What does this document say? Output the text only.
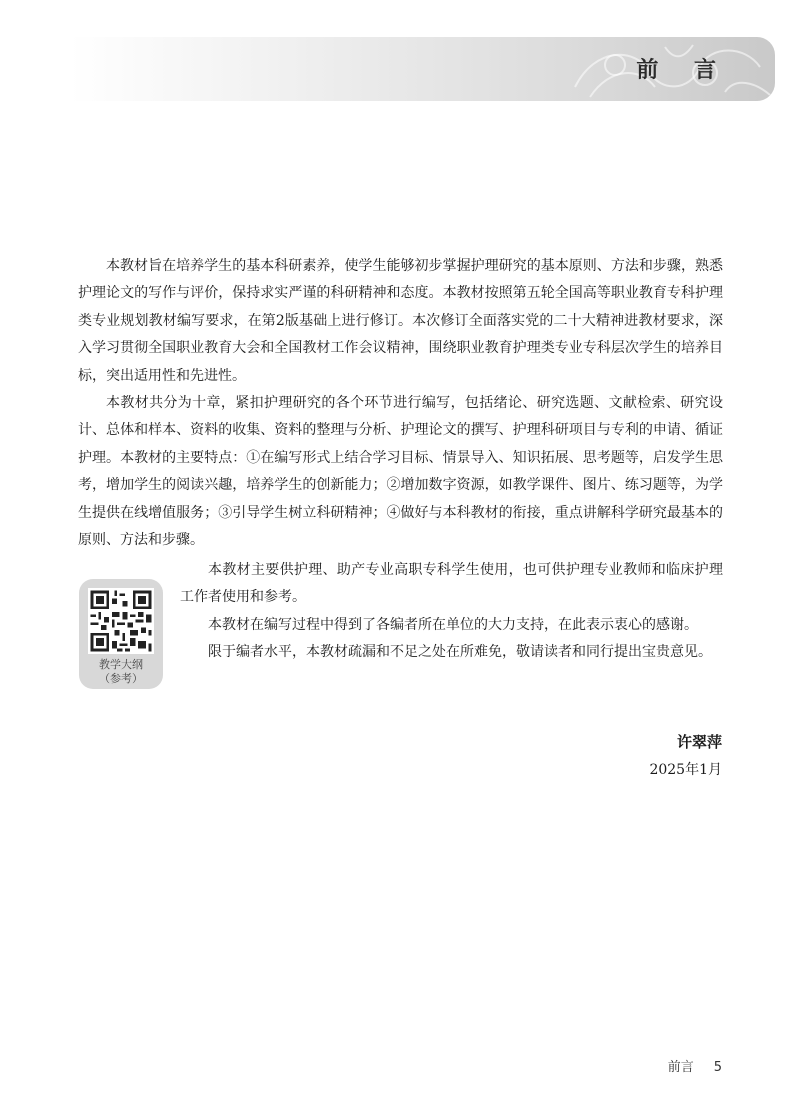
前 言

本教材旨在培养学生的基本科研素养，使学生能够初步掌握护理研究的基本原则、方法和步骤，熟悉护理论文的写作与评价，保持求实严谨的科研精神和态度。本教材按照第五轮全国高等职业教育专科护理类专业规划教材编写要求，在第2版基础上进行修订。本次修订全面落实党的二十大精神进教材要求，深入学习贯彻全国职业教育大会和全国教材工作会议精神，围绕职业教育护理类专业专科层次学生的培养目标，突出适用性和先进性。

本教材共分为十章，紧扣护理研究的各个环节进行编写，包括绪论、研究选题、文献检索、研究设计、总体和样本、资料的收集、资料的整理与分析、护理论文的撰写、护理科研项目与专利的申请、循证护理。本教材的主要特点：①在编写形式上结合学习目标、情景导入、知识拓展、思考题等，启发学生思考，增加学生的阅读兴趣，培养学生的创新能力；②增加数字资源，如教学课件、图片、练习题等，为学生提供在线增值服务；③引导学生树立科研精神；④做好与本科教材的衔接，重点讲解科学研究最基本的原则、方法和步骤。

教学大纲
（参考）

本教材主要供护理、助产专业高职专科学生使用，也可供护理专业教师和临床护理工作者使用和参考。

本教材在编写过程中得到了各编者所在单位的大力支持，在此表示衷心的感谢。

限于编者水平，本教材疏漏和不足之处在所难免，敬请读者和同行提出宝贵意见。

许翠萍
2025年1月
前言 5
